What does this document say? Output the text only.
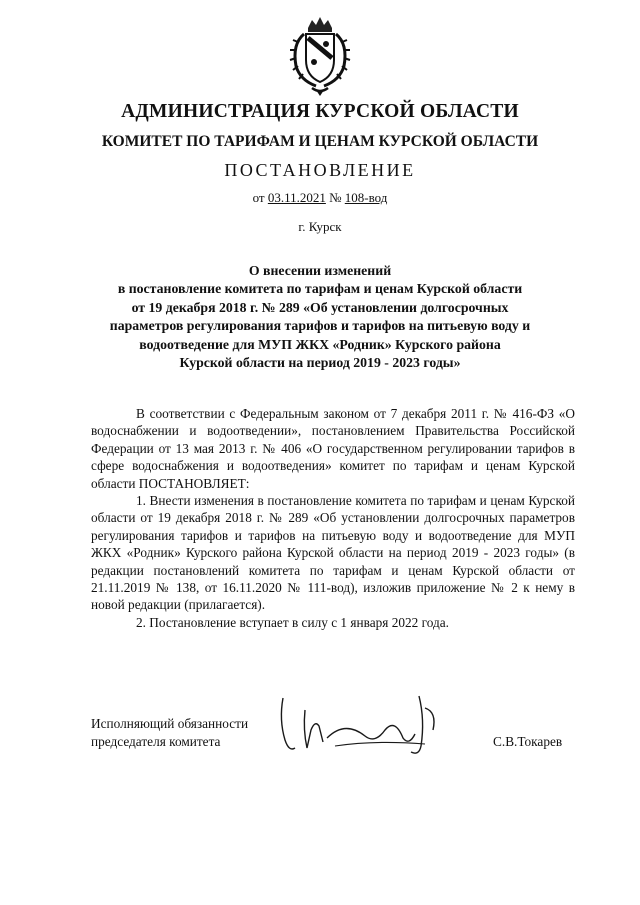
АДМИНИСТРАЦИЯ КУРСКОЙ ОБЛАСТИ
КОМИТЕТ ПО ТАРИФАМ И ЦЕНАМ КУРСКОЙ ОБЛАСТИ
ПОСТАНОВЛЕНИЕ
от 03.11.2021 № 108-вод
г. Курск
О внесении изменений
в постановление комитета по тарифам и ценам Курской области
от 19 декабря 2018 г. № 289 «Об установлении долгосрочных
параметров регулирования тарифов и тарифов на питьевую воду и
водоотведение для МУП ЖКХ «Родник» Курского района
Курской области на период 2019 - 2023 годы»

В соответствии с Федеральным законом от 7 декабря 2011 г. № 416-ФЗ «О водоснабжении и водоотведении», постановлением Правительства Российской Федерации от 13 мая 2013 г. № 406 «О государственном регулировании тарифов в сфере водоснабжения и водоотведения» комитет по тарифам и ценам Курской области ПОСТАНОВЛЯЕТ:

1. Внести изменения в постановление комитета по тарифам и ценам Курской области от 19 декабря 2018 г. № 289 «Об установлении долгосрочных параметров регулирования тарифов и тарифов на питьевую воду и водоотведение для МУП ЖКХ «Родник» Курского района Курской области на период 2019 - 2023 годы» (в редакции постановлений комитета по тарифам и ценам Курской области от 21.11.2019 № 138, от 16.11.2020 № 111-вод), изложив приложение № 2 к нему в новой редакции (прилагается).

2. Постановление вступает в силу с 1 января 2022 года.

Исполняющий обязанности
председателя комитета	С.В.Токарев
